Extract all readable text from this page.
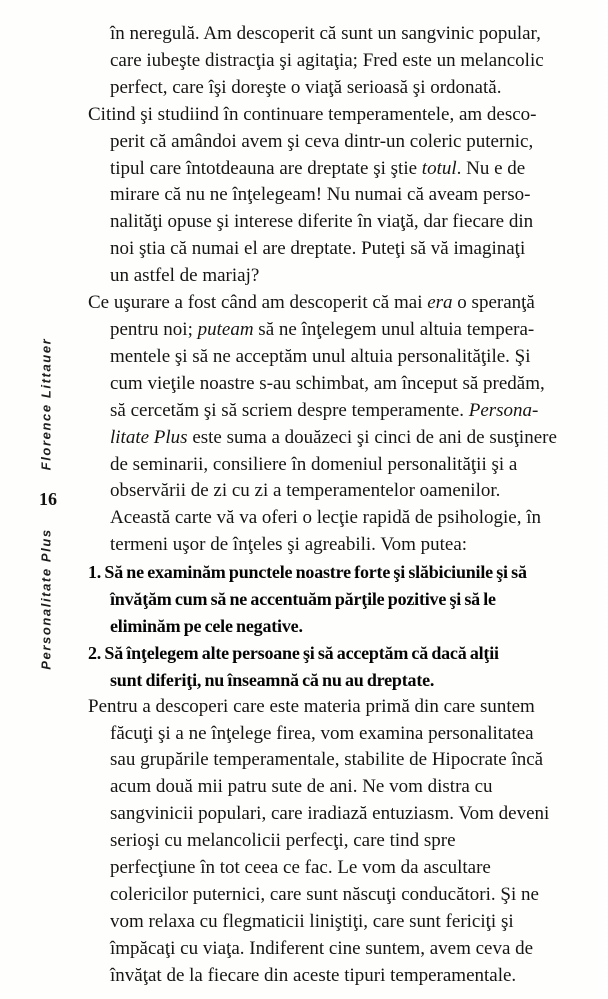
Florence Littauer
16
Personalitate Plus
în neregulă. Am descoperit că sunt un sangvinic popular,
care iubeşte distracţia şi agitaţia; Fred este un melancolic
perfect, care îşi doreşte o viaţă serioasă şi ordonată.
Citind şi studiind în continuare temperamentele, am desco-
perit că amândoi avem şi ceva dintr-un coleric puternic,
tipul care întotdeauna are dreptate şi ştie totul. Nu e de
mirare că nu ne înţelegeam! Nu numai că aveam perso-
nalităţi opuse şi interese diferite în viaţă, dar fiecare din
noi ştia că numai el are dreptate. Puteţi să vă imaginaţi
un astfel de mariaj?
Ce uşurare a fost când am descoperit că mai era o speranţă
pentru noi; puteam să ne înţelegem unul altuia tempera-
mentele şi să ne acceptăm unul altuia personalităţile. Şi
cum vieţile noastre s-au schimbat, am început să predăm,
să cercetăm şi să scriem despre temperamente. Persona-
litate Plus este suma a douăzeci şi cinci de ani de susţinere
de seminarii, consiliere în domeniul personalităţii şi a
observării de zi cu zi a temperamentelor oamenilor.
Această carte vă va oferi o lecţie rapidă de psihologie, în
termeni uşor de înţeles şi agreabili. Vom putea:
1. Să ne examinăm punctele noastre forte şi slăbiciunile şi să
învăţăm cum să ne accentuăm părţile pozitive şi să le
eliminăm pe cele negative.
2. Să înţelegem alte persoane şi să acceptăm că dacă alţii
sunt diferiţi, nu înseamnă că nu au dreptate.
Pentru a descoperi care este materia primă din care suntem
făcuţi şi a ne înţelege firea, vom examina personalitatea
sau grupările temperamentale, stabilite de Hipocrate încă
acum două mii patru sute de ani. Ne vom distra cu
sangvinicii populari, care iradiază entuziasm. Vom deveni
serioşi cu melancolicii perfecţi, care tind spre
perfecţiune în tot ceea ce fac. Le vom da ascultare
colericilor puternici, care sunt născuţi conducători. Şi ne
vom relaxa cu flegmaticii liniştiţi, care sunt fericiţi şi
împăcaţi cu viaţa. Indiferent cine suntem, avem ceva de
învăţat de la fiecare din aceste tipuri temperamentale.
